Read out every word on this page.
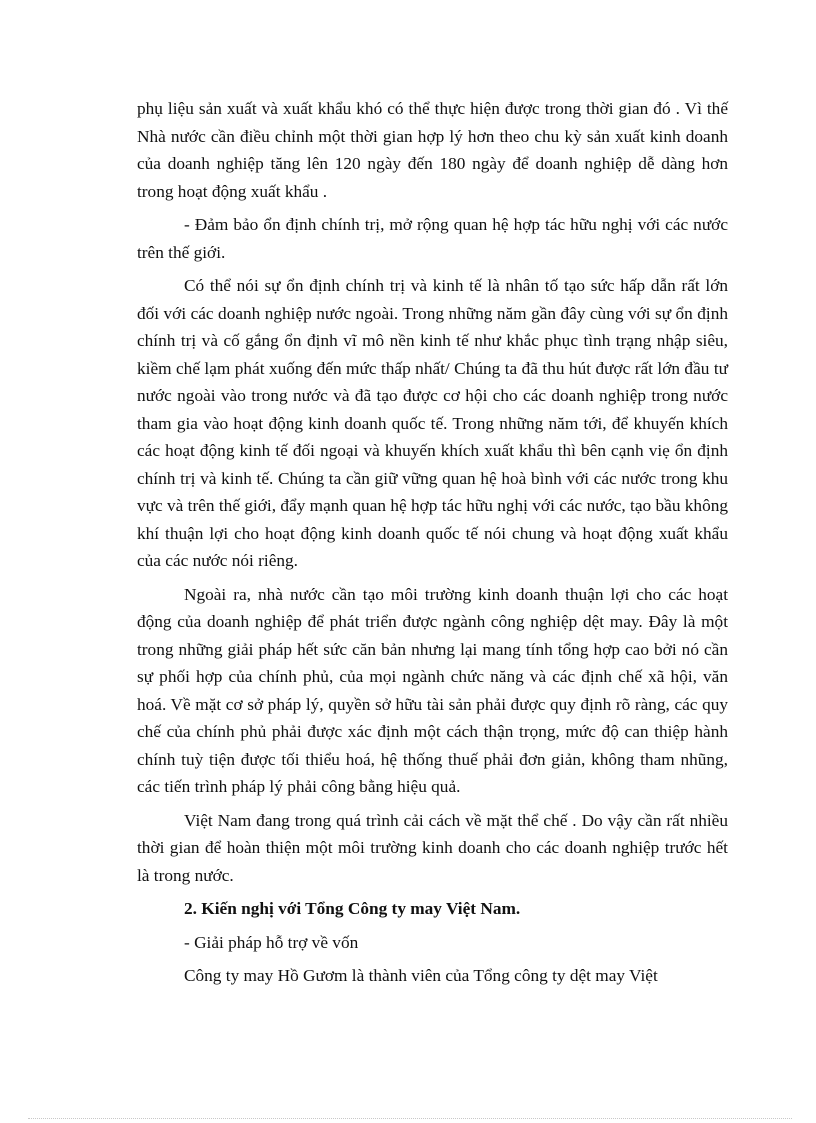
phụ liệu sản xuất và xuất khẩu khó có thể thực hiện được trong thời gian đó . Vì thế Nhà nước cần điều chỉnh một thời gian hợp lý hơn theo chu kỳ sản xuất kinh doanh của doanh nghiệp tăng lên 120 ngày đến 180 ngày để doanh nghiệp dễ dàng hơn trong hoạt động xuất khẩu .

- Đảm bảo ổn định chính trị, mở rộng quan hệ hợp tác hữu nghị với các nước trên thế giới.

Có thể nói sự ổn định chính trị và kinh tế là nhân tố tạo sức hấp dẫn rất lớn đối với các doanh nghiệp nước ngoài. Trong những năm gần đây cùng với sự ổn định chính trị và cố gắng ổn định vĩ mô nền kinh tế như khắc phục tình trạng nhập siêu, kiềm chế lạm phát xuống đến mức thấp nhất/ Chúng ta đã thu hút được rất lớn đầu tư nước ngoài vào trong nước và đã tạo được cơ hội cho các doanh nghiệp trong nước tham gia vào hoạt động kinh doanh quốc tế. Trong những năm tới, để khuyến khích các hoạt động kinh tế đối ngoại và khuyến khích xuất khẩu thì bên cạnh viẹ ổn định chính trị và kinh tế. Chúng ta cần giữ vững quan hệ hoà bình với các nước trong khu vực và trên thế giới, đẩy mạnh quan hệ hợp tác hữu nghị với các nước, tạo bầu không khí thuận lợi cho hoạt động kinh doanh quốc tế nói chung và hoạt động xuất khẩu của các nước nói riêng.

Ngoài ra, nhà nước cần tạo môi trường kinh doanh thuận lợi cho các hoạt động của doanh nghiệp để phát triển được ngành công nghiệp dệt may. Đây là một trong những giải pháp hết sức căn bản nhưng lại mang tính tổng hợp cao bởi nó cần sự phối hợp của chính phủ, của mọi ngành chức năng và các định chế xã hội, văn hoá. Về mặt cơ sở pháp lý, quyền sở hữu tài sản phải được quy định rõ ràng, các quy chế của chính phủ phải được xác định một cách thận trọng, mức độ can thiệp hành chính tuỳ tiện được tối thiểu hoá, hệ thống thuế phải đơn giản, không tham nhũng, các tiến trình pháp lý phải công bằng hiệu quả.

Việt Nam đang trong quá trình cải cách về mặt thể chế . Do vậy cần rất nhiều thời gian để hoàn thiện một môi trường kinh doanh cho các doanh nghiệp trước hết là trong nước.

2. Kiến nghị với Tổng Công ty may Việt Nam.

- Giải pháp hỗ trợ về vốn

Công ty may Hồ Gươm là thành viên của Tổng công ty dệt may Việt
